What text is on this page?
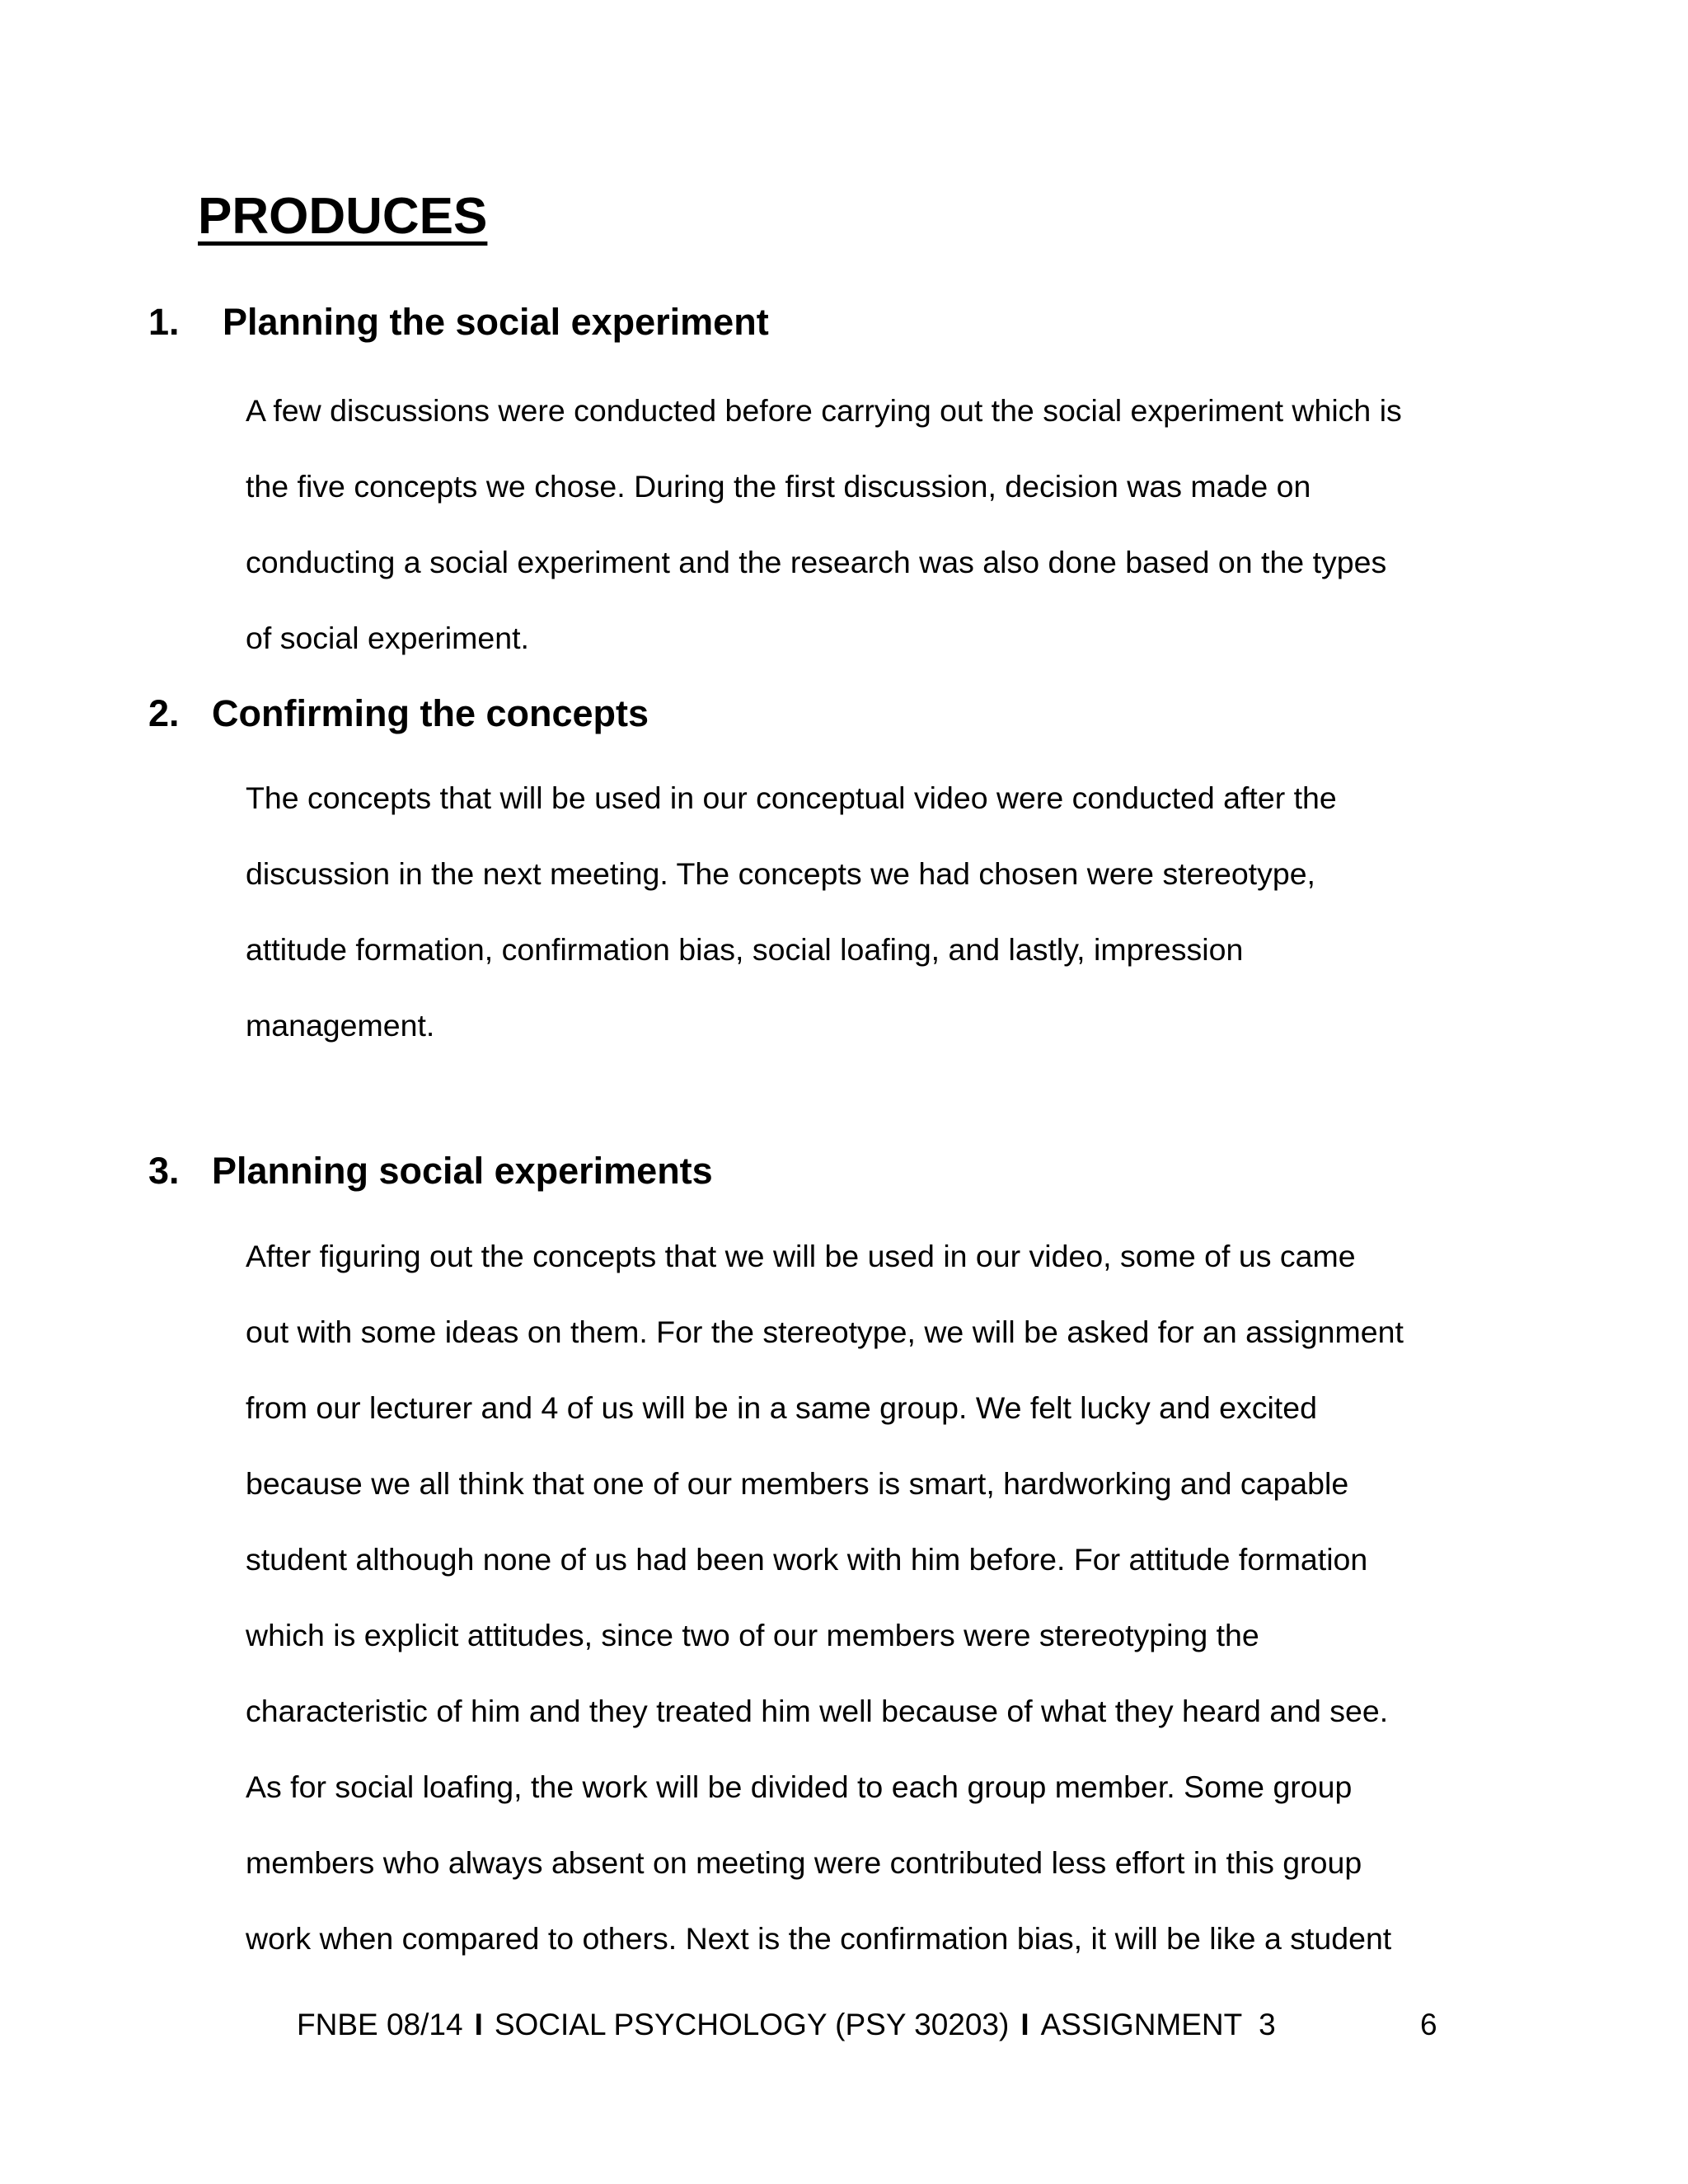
PRODUCES
1. Planning the social experiment
A few discussions were conducted before carrying out the social experiment which is
the five concepts we chose. During the first discussion, decision was made on
conducting a social experiment and the research was also done based on the types
of social experiment.
2. Confirming the concepts
The concepts that will be used in our conceptual video were conducted after the
discussion in the next meeting. The concepts we had chosen were stereotype,
attitude formation, confirmation bias, social loafing, and lastly, impression
management.
3. Planning social experiments
After figuring out the concepts that we will be used in our video, some of us came
out with some ideas on them. For the stereotype, we will be asked for an assignment
from our lecturer and 4 of us will be in a same group. We felt lucky and excited
because we all think that one of our members is smart, hardworking and capable
student although none of us had been work with him before. For attitude formation
which is explicit attitudes, since two of our members were stereotyping the
characteristic of him and they treated him well because of what they heard and see.
As for social loafing, the work will be divided to each group member. Some group
members who always absent on meeting were contributed less effort in this group
work when compared to others. Next is the confirmation bias, it will be like a student
FNBE 08/14 I SOCIAL PSYCHOLOGY (PSY 30203) I ASSIGNMENT  3	6
